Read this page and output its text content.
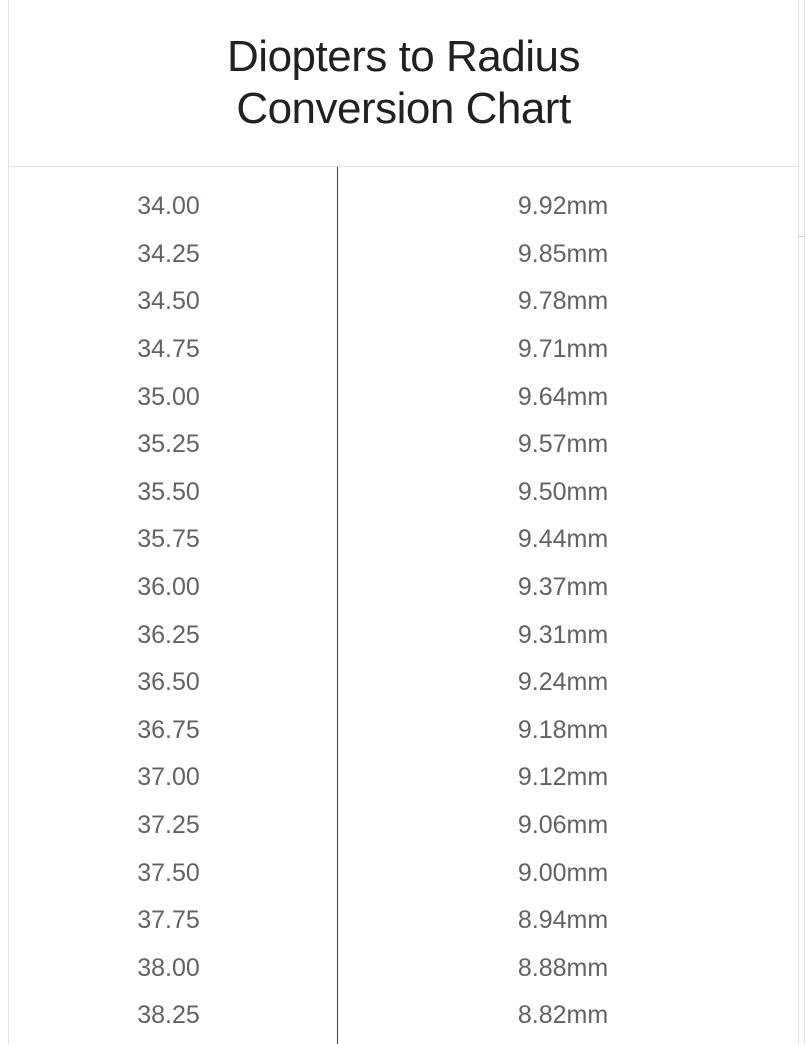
Diopters to Radius Conversion Chart
34.00	9.92mm
34.25	9.85mm
34.50	9.78mm
34.75	9.71mm
35.00	9.64mm
35.25	9.57mm
35.50	9.50mm
35.75	9.44mm
36.00	9.37mm
36.25	9.31mm
36.50	9.24mm
36.75	9.18mm
37.00	9.12mm
37.25	9.06mm
37.50	9.00mm
37.75	8.94mm
38.00	8.88mm
38.25	8.82mm
